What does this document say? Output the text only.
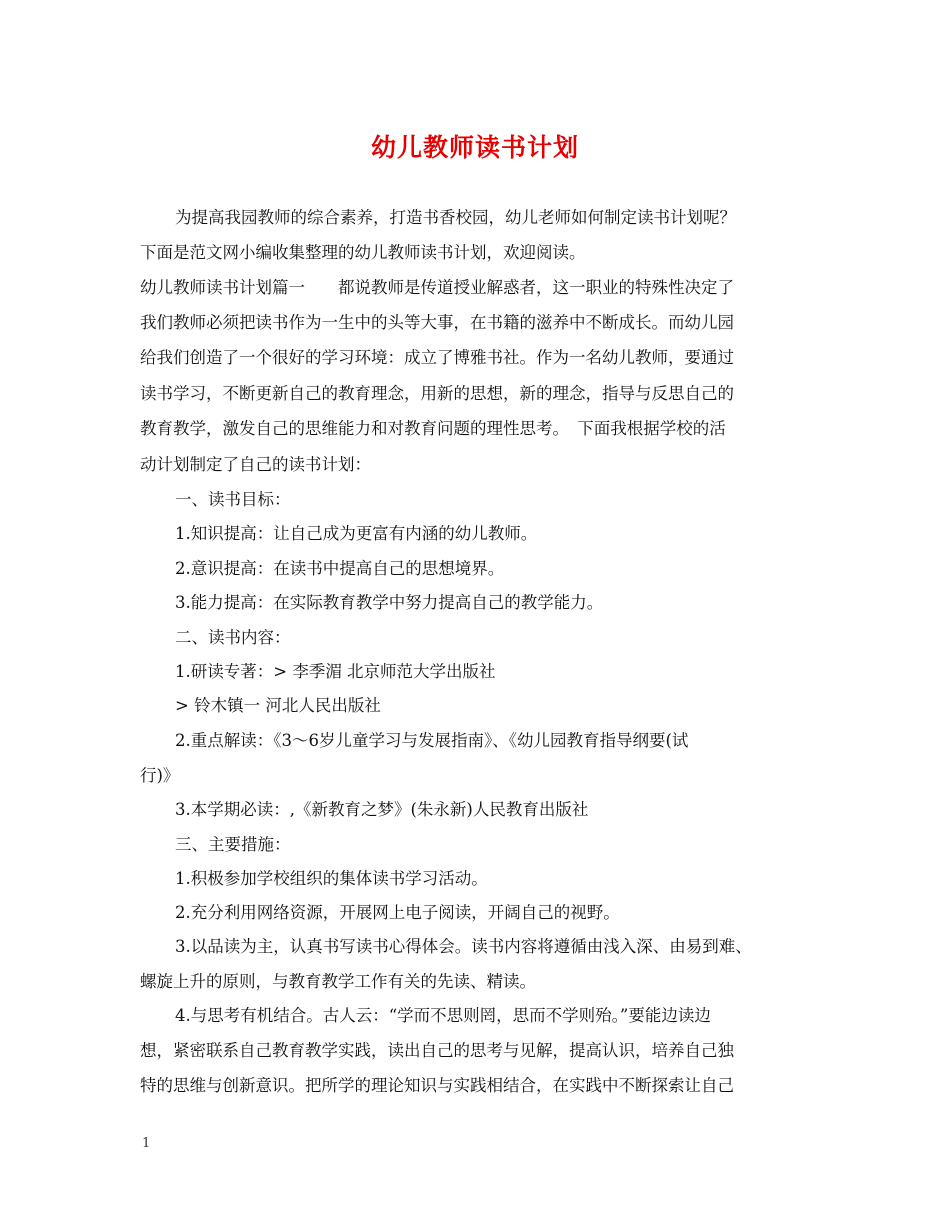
幼儿教师读书计划
为提高我园教师的综合素养，打造书香校园，幼儿老师如何制定读书计划呢？
下面是范文网小编收集整理的幼儿教师读书计划，欢迎阅读。
幼儿教师读书计划篇一　　都说教师是传道授业解惑者，这一职业的特殊性决定了
我们教师必须把读书作为一生中的头等大事，在书籍的滋养中不断成长。而幼儿园
给我们创造了一个很好的学习环境：成立了博雅书社。作为一名幼儿教师，要通过
读书学习，不断更新自己的教育理念，用新的思想，新的理念，指导与反思自己的
教育教学，激发自己的思维能力和对教育问题的理性思考。　下面我根据学校的活
动计划制定了自己的读书计划：
一、读书目标：
1.知识提高：让自己成为更富有内涵的幼儿教师。
2.意识提高：在读书中提高自己的思想境界。
3.能力提高：在实际教育教学中努力提高自己的教学能力。
二、读书内容：
1.研读专著：> 李季湄 北京师范大学出版社
> 铃木镇一 河北人民出版社
2.重点解读：《3～6岁儿童学习与发展指南》、《幼儿园教育指导纲要(试
行)》
3.本学期必读：,《新教育之梦》(朱永新)人民教育出版社
三、主要措施：
1.积极参加学校组织的集体读书学习活动。
2.充分利用网络资源，开展网上电子阅读，开阔自己的视野。
3.以品读为主，认真书写读书心得体会。读书内容将遵循由浅入深、由易到难、
螺旋上升的原则，与教育教学工作有关的先读、精读。
4.与思考有机结合。古人云：“学而不思则罔，思而不学则殆。”要能边读边
想，紧密联系自己教育教学实践，读出自己的思考与见解，提高认识，培养自己独
特的思维与创新意识。把所学的理论知识与实践相结合，在实践中不断探索让自己
1
